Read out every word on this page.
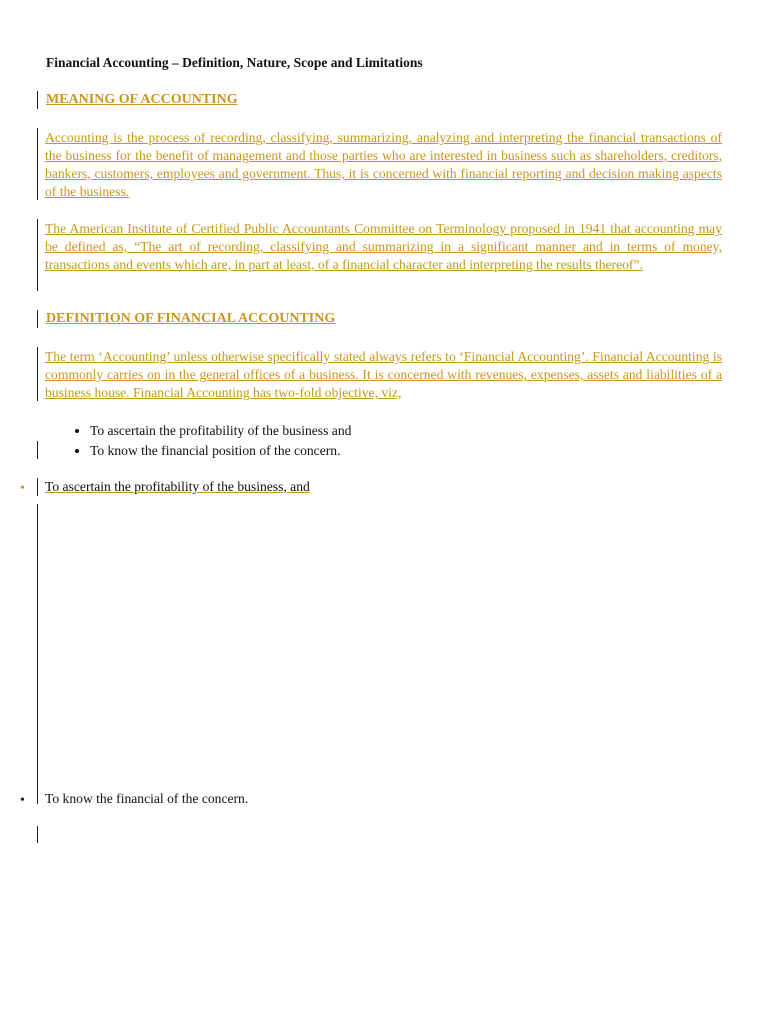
Financial Accounting – Definition, Nature, Scope and Limitations
MEANING OF ACCOUNTING
Accounting is the process of recording, classifying, summarizing, analyzing and interpreting the financial transactions of the business for the benefit of management and those parties who are interested in business such as shareholders, creditors, bankers, customers, employees and government. Thus, it is concerned with financial reporting and decision making aspects of the business.
The American Institute of Certified Public Accountants Committee on Terminology proposed in 1941 that accounting may be defined as, “The art of recording, classifying and summarizing in a significant manner and in terms of money, transactions and events which are, in part at least, of a financial character and interpreting the results thereof”.
DEFINITION OF FINANCIAL ACCOUNTING
The term ‘Accounting’ unless otherwise specifically stated always refers to ‘Financial Accounting’. Financial Accounting is commonly carries on in the general offices of a business. It is concerned with revenues, expenses, assets and liabilities of a business house. Financial Accounting has two-fold objective, viz,
• To ascertain the profitability of the business and
• To know the financial position of the concern.
• To ascertain the profitability of the business, and
• To know the financial of the concern.
